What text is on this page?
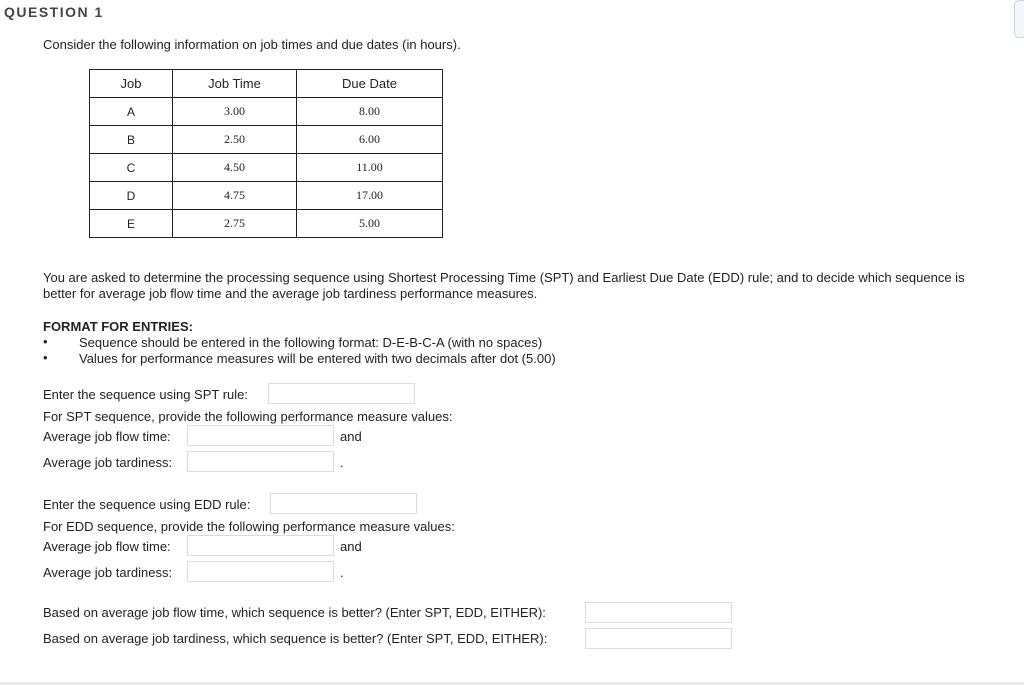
QUESTION 1
Consider the following information on job times and due dates (in hours).
Job	Job Time	Due Date
A	3.00	8.00
B	2.50	6.00
C	4.50	11.00
D	4.75	17.00
E	2.75	5.00
You are asked to determine the processing sequence using Shortest Processing Time (SPT) and Earliest Due Date (EDD) rule; and to decide which sequence is better for average job flow time and the average job tardiness performance measures.
FORMAT FOR ENTRIES:
• Sequence should be entered in the following format: D-E-B-C-A (with no spaces)
• Values for performance measures will be entered with two decimals after dot (5.00)
Enter the sequence using SPT rule:
For SPT sequence, provide the following performance measure values:
Average job flow time:	and
Average job tardiness:	.
Enter the sequence using EDD rule:
For EDD sequence, provide the following performance measure values:
Average job flow time:	and
Average job tardiness:	.
Based on average job flow time, which sequence is better? (Enter SPT, EDD, EITHER):
Based on average job tardiness, which sequence is better? (Enter SPT, EDD, EITHER):
